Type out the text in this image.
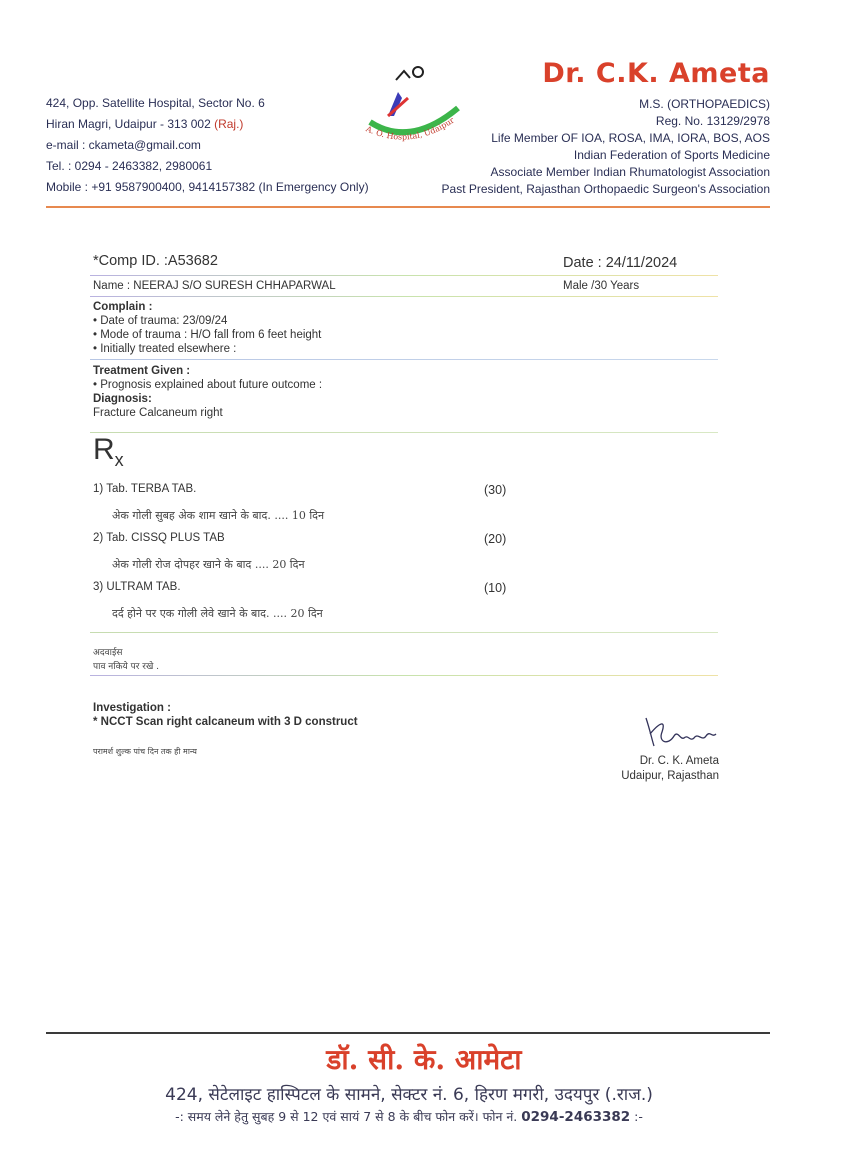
424, Opp. Satellite Hospital, Sector No. 6
Hiran Magri, Udaipur - 313 002 (Raj.)
e-mail : ckameta@gmail.com
Tel. : 0294 - 2463382, 2980061
Mobile : +91 9587900400, 9414157382 (In Emergency Only)
A. O. Hospital, Udaipur
Dr. C.K. Ameta
M.S. (ORTHOPAEDICS)
Reg. No. 13129/2978
Life Member OF IOA, ROSA, IMA, IORA, BOS, AOS
Indian Federation of Sports Medicine
Associate Member Indian Rhumatologist Association
Past President, Rajasthan Orthopaedic Surgeon's Association
*Comp ID. :A53682	Date : 24/11/2024
Name : NEERAJ S/O SURESH CHHAPARWAL	Male /30 Years
Complain :
• Date of trauma: 23/09/24
• Mode of trauma : H/O fall from 6 feet height
• Initially treated elsewhere :
Treatment Given :
• Prognosis explained about future outcome :
Diagnosis:
Fracture Calcaneum right
$R_x$
1) Tab. TERBA TAB.	(30)
अेक गोली सुबह अेक शाम खाने के बाद. .... 10 दिन
2) Tab. CISSQ PLUS TAB	(20)
अेक गोली रोज दोपहर खाने के बाद .... 20 दिन
3) ULTRAM TAB.	(10)
दर्द होने पर एक गोली लेवे खाने के बाद. .... 20 दिन
अदवाईस
पाव नकिये पर रखे .
Investigation :
* NCCT Scan right calcaneum with 3 D construct
परामर्श शुल्क पांच दिन तक ही मान्य
Dr. C. K. Ameta
Udaipur, Rajasthan
डॉ. सी. के. आमेटा
424, सेटेलाइट हास्पिटल के सामने, सेक्टर नं. 6, हिरण मगरी, उदयपुर (.राज.)
-: समय लेने हेतु सुबह 9 से 12 एवं सायं 7 से 8 के बीच फोन करें। फोन नं. 0294-2463382 :-
